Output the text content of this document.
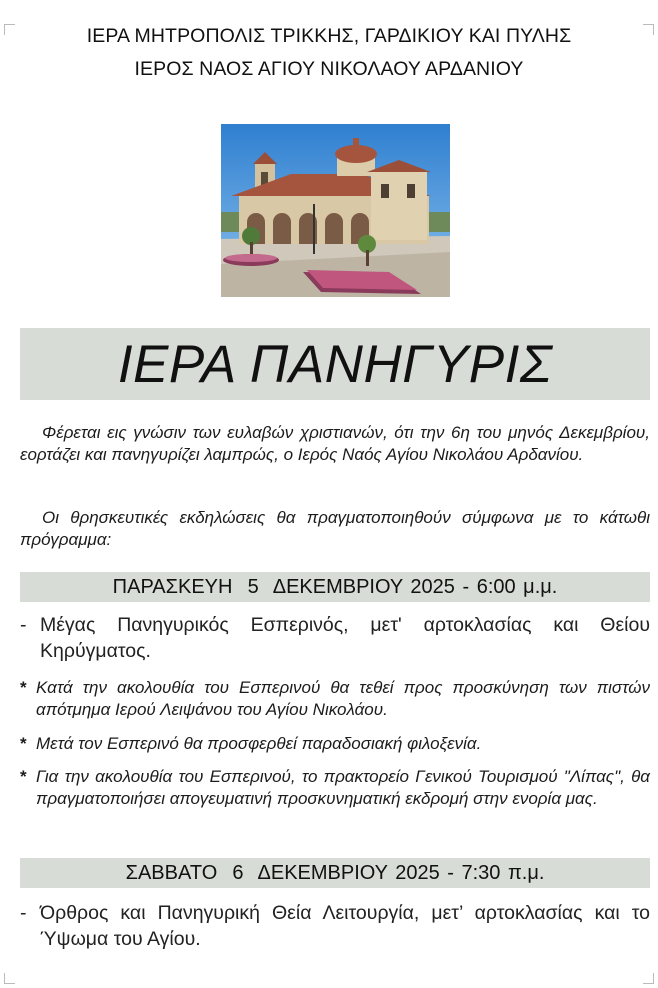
ΙΕΡΑ ΜΗΤΡΟΠΟΛΙΣ ΤΡΙΚΚΗΣ, ΓΑΡΔΙΚΙΟΥ ΚΑΙ ΠΥΛΗΣ
ΙΕΡΟΣ ΝΑΟΣ ΑΓΙΟΥ ΝΙΚΟΛΑΟΥ ΑΡΔΑΝΙΟΥ
ΙΕΡΑ ΠΑΝΗΓΥΡΙΣ
Φέρεται εις γνώσιν των ευλαβών χριστιανών, ότι την 6η του μηνός Δεκεμβρίου, εορτάζει και πανηγυρίζει λαμπρώς, ο Ιερός Ναός Αγίου Νικολάου Αρδανίου.
Οι θρησκευτικές εκδηλώσεις θα πραγματοποιηθούν σύμφωνα με το κάτωθι πρόγραμμα:
ΠΑΡΑΣΚΕΥΗ  5  ΔΕΚΕΜΒΡΙΟΥ 2025 - 6:00 μ.μ.
- Μέγας Πανηγυρικός Εσπερινός, μετ' αρτοκλασίας και Θείου Κηρύγματος.
* Κατά την ακολουθία του Εσπερινού θα τεθεί προς προσκύνηση των πιστών απότμημα Ιερού Λειψάνου του Αγίου Νικολάου.
* Μετά τον Εσπερινό θα προσφερθεί παραδοσιακή φιλοξενία.
* Για την ακολουθία του Εσπερινού, το πρακτορείο Γενικού Τουρισμού "Λίπας", θα πραγματοποιήσει απογευματινή προσκυνηματική εκδρομή στην ενορία μας.
ΣΑΒΒΑΤΟ  6  ΔΕΚΕΜΒΡΙΟΥ 2025 - 7:30 π.μ.
- Όρθρος και Πανηγυρική Θεία Λειτουργία, μετ’ αρτοκλασίας και το Ύψωμα του Αγίου.
